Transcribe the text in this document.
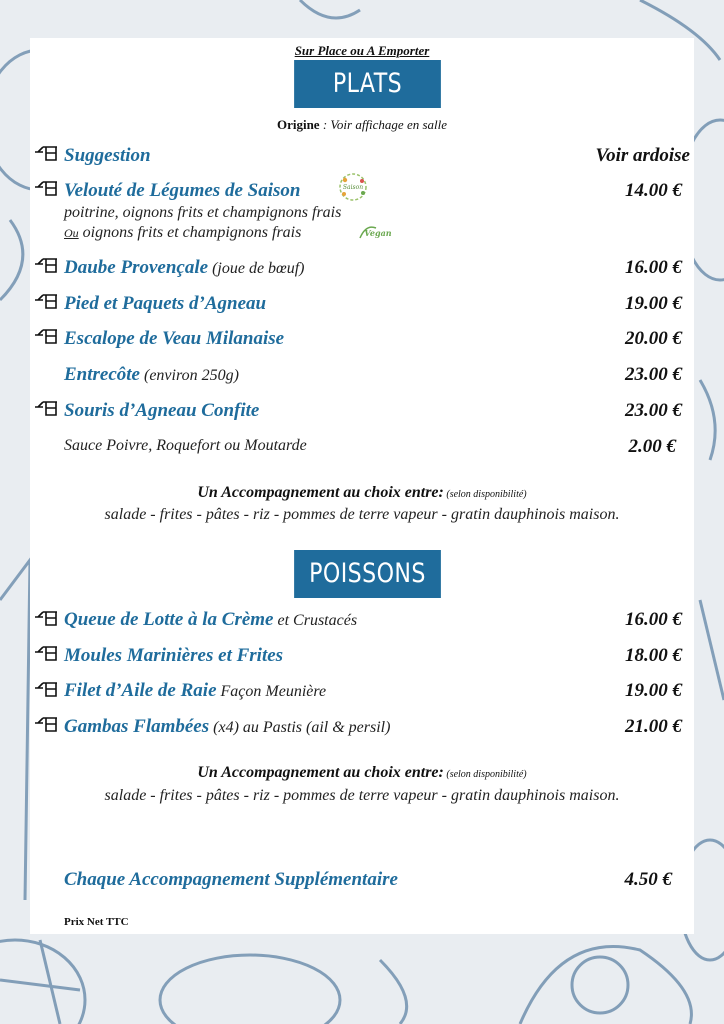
Sur Place ou A Emporter
PLATS
Origine : Voir affichage en salle
Suggestion	Voir ardoise
Velouté de Légumes de Saison	Saison	14.00 €
poitrine, oignons frits et champignons frais
Ou oignons frits et champignons frais	Vegan
Daube Provençale (joue de bœuf)	16.00 €
Pied et Paquets d’Agneau	19.00 €
Escalope de Veau Milanaise	20.00 €
Entrecôte (environ 250g)	23.00 €
Souris d’Agneau Confite	23.00 €
Sauce Poivre, Roquefort ou Moutarde	2.00 €
Un Accompagnement au choix entre: (selon disponibilité)
salade - frites - pâtes - riz - pommes de terre vapeur - gratin dauphinois maison.
POISSONS
Queue de Lotte à la Crème et Crustacés	16.00 €
Moules Marinières et Frites	18.00 €
Filet d’Aile de Raie Façon Meunière	19.00 €
Gambas Flambées (x4) au Pastis (ail & persil)	21.00 €
Un Accompagnement au choix entre: (selon disponibilité)
salade - frites - pâtes - riz - pommes de terre vapeur - gratin dauphinois maison.
Chaque Accompagnement Supplémentaire	4.50 €
Prix Net TTC
